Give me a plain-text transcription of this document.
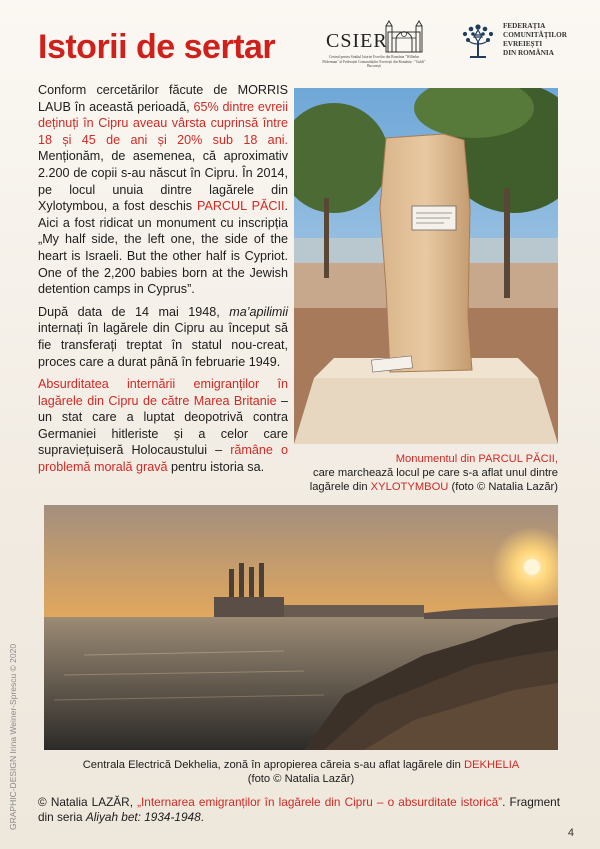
Istorii de sertar	CSIER
Centrul pentru Studiul Istoriei Evreilor din România "Wilhelm Filderman" al Federației Comunităților Evreiești din România - "Goldi" București
FEDERAȚIA
COMUNITĂȚILOR
EVREIEȘTI
DIN ROMÂNIA

Conform cercetărilor făcute de MORRIS LAUB în această perioadă, 65% dintre evreii deținuți în Cipru aveau vârsta cuprinsă între 18 și 45 de ani și 20% sub 18 ani. Menționăm, de asemenea, că aproximativ 2.200 de copii s-au născut în Cipru. În 2014, pe locul unuia dintre lagărele din Xylotymbou, a fost deschis PARCUL PĂCII. Aici a fost ridicat un monument cu inscripția „My half side, the left one, the side of the heart is Israeli. But the other half is Cypriot. One of the 2,200 babies born at the Jewish detention camps in Cyprus”.

După data de 14 mai 1948, ma’apilimii internați în lagărele din Cipru au început să fie transferați treptat în statul nou-creat, proces care a durat până în februarie 1949.

Absurditatea internării emigranților în lagărele din Cipru de către Marea Britanie – un stat care a luptat deopotrivă contra Germaniei hitleriste și a celor care supraviețuiseră Holocaustului – rămâne o problemă morală gravă pentru istoria sa.

Monumentul din PARCUL PĂCII,
care marchează locul pe care s-a aflat unul dintre
lagărele din XYLOTYMBOU (foto © Natalia Lazăr)
Centrala Electrică Dekhelia, zonă în apropierea căreia s-au aflat lagărele din DEKHELIA
(foto © Natalia Lazăr)
© Natalia LAZĂR, „Internarea emigranților în lagărele din Cipru – o absurditate istorică”. Fragment din seria Aliyah bet: 1934-1948.
GRAPHIC-DESIGN Irina Weiner-Sprescu © 2020
4
